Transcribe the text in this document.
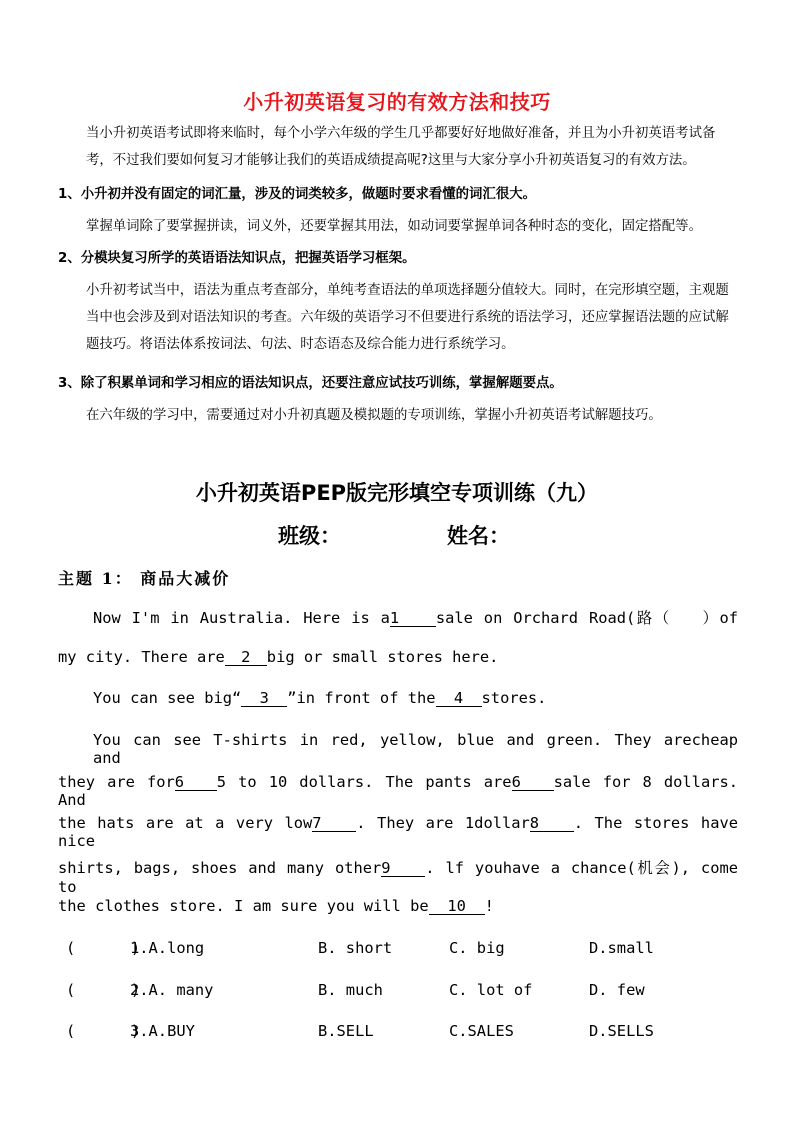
小升初英语复习的有效方法和技巧
当小升初英语考试即将来临时，每个小学六年级的学生几乎都要好好地做好准备，并且为小升初英语考试备考，不过我们要如何复习才能够让我们的英语成绩提高呢?这里与大家分享小升初英语复习的有效方法。
1、小升初并没有固定的词汇量，涉及的词类较多，做题时要求看懂的词汇很大。
掌握单词除了要掌握拼读，词义外，还要掌握其用法，如动词要掌握单词各种时态的变化，固定搭配等。
2、分模块复习所学的英语语法知识点，把握英语学习框架。
小升初考试当中，语法为重点考查部分，单纯考查语法的单项选择题分值较大。同时，在完形填空题，主观题当中也会涉及到对语法知识的考查。六年级的英语学习不但要进行系统的语法学习，还应掌握语法题的应试解题技巧。将语法体系按词法、句法、时态语态及综合能力进行系统学习。
3、除了积累单词和学习相应的语法知识点，还要注意应试技巧训练，掌握解题要点。
在六年级的学习中，需要通过对小升初真题及模拟题的专项训练，掌握小升初英语考试解题技巧。
小升初英语PEP版完形填空专项训练（九）
班级：	姓名：
主题 1： 商品大减价
Now I'm in Australia. Here is a1 sale on Orchard Road(路（ ）of
my city. There are 2 big or small stores here.
You can see big“ 3 ”in front of the 4 stores.
You can see T-shirts in red, yellow, blue and green. They arecheap and
they are for6 5 to 10 dollars. The pants are6 sale for 8 dollars. And
the hats are at a very low7 . They are 1dollar8 . The stores have nice
shirts, bags, shoes and many other9 . lf youhave a chance(机会), come to
the clothes store. I am sure you will be 10 !
(      )
1.A.long	B. short	C. big	D.small
(      )
2.A. many	B. much	C. lot of	D. few
(      )
3.A.BUY	B.SELL	C.SALES	D.SELLS
